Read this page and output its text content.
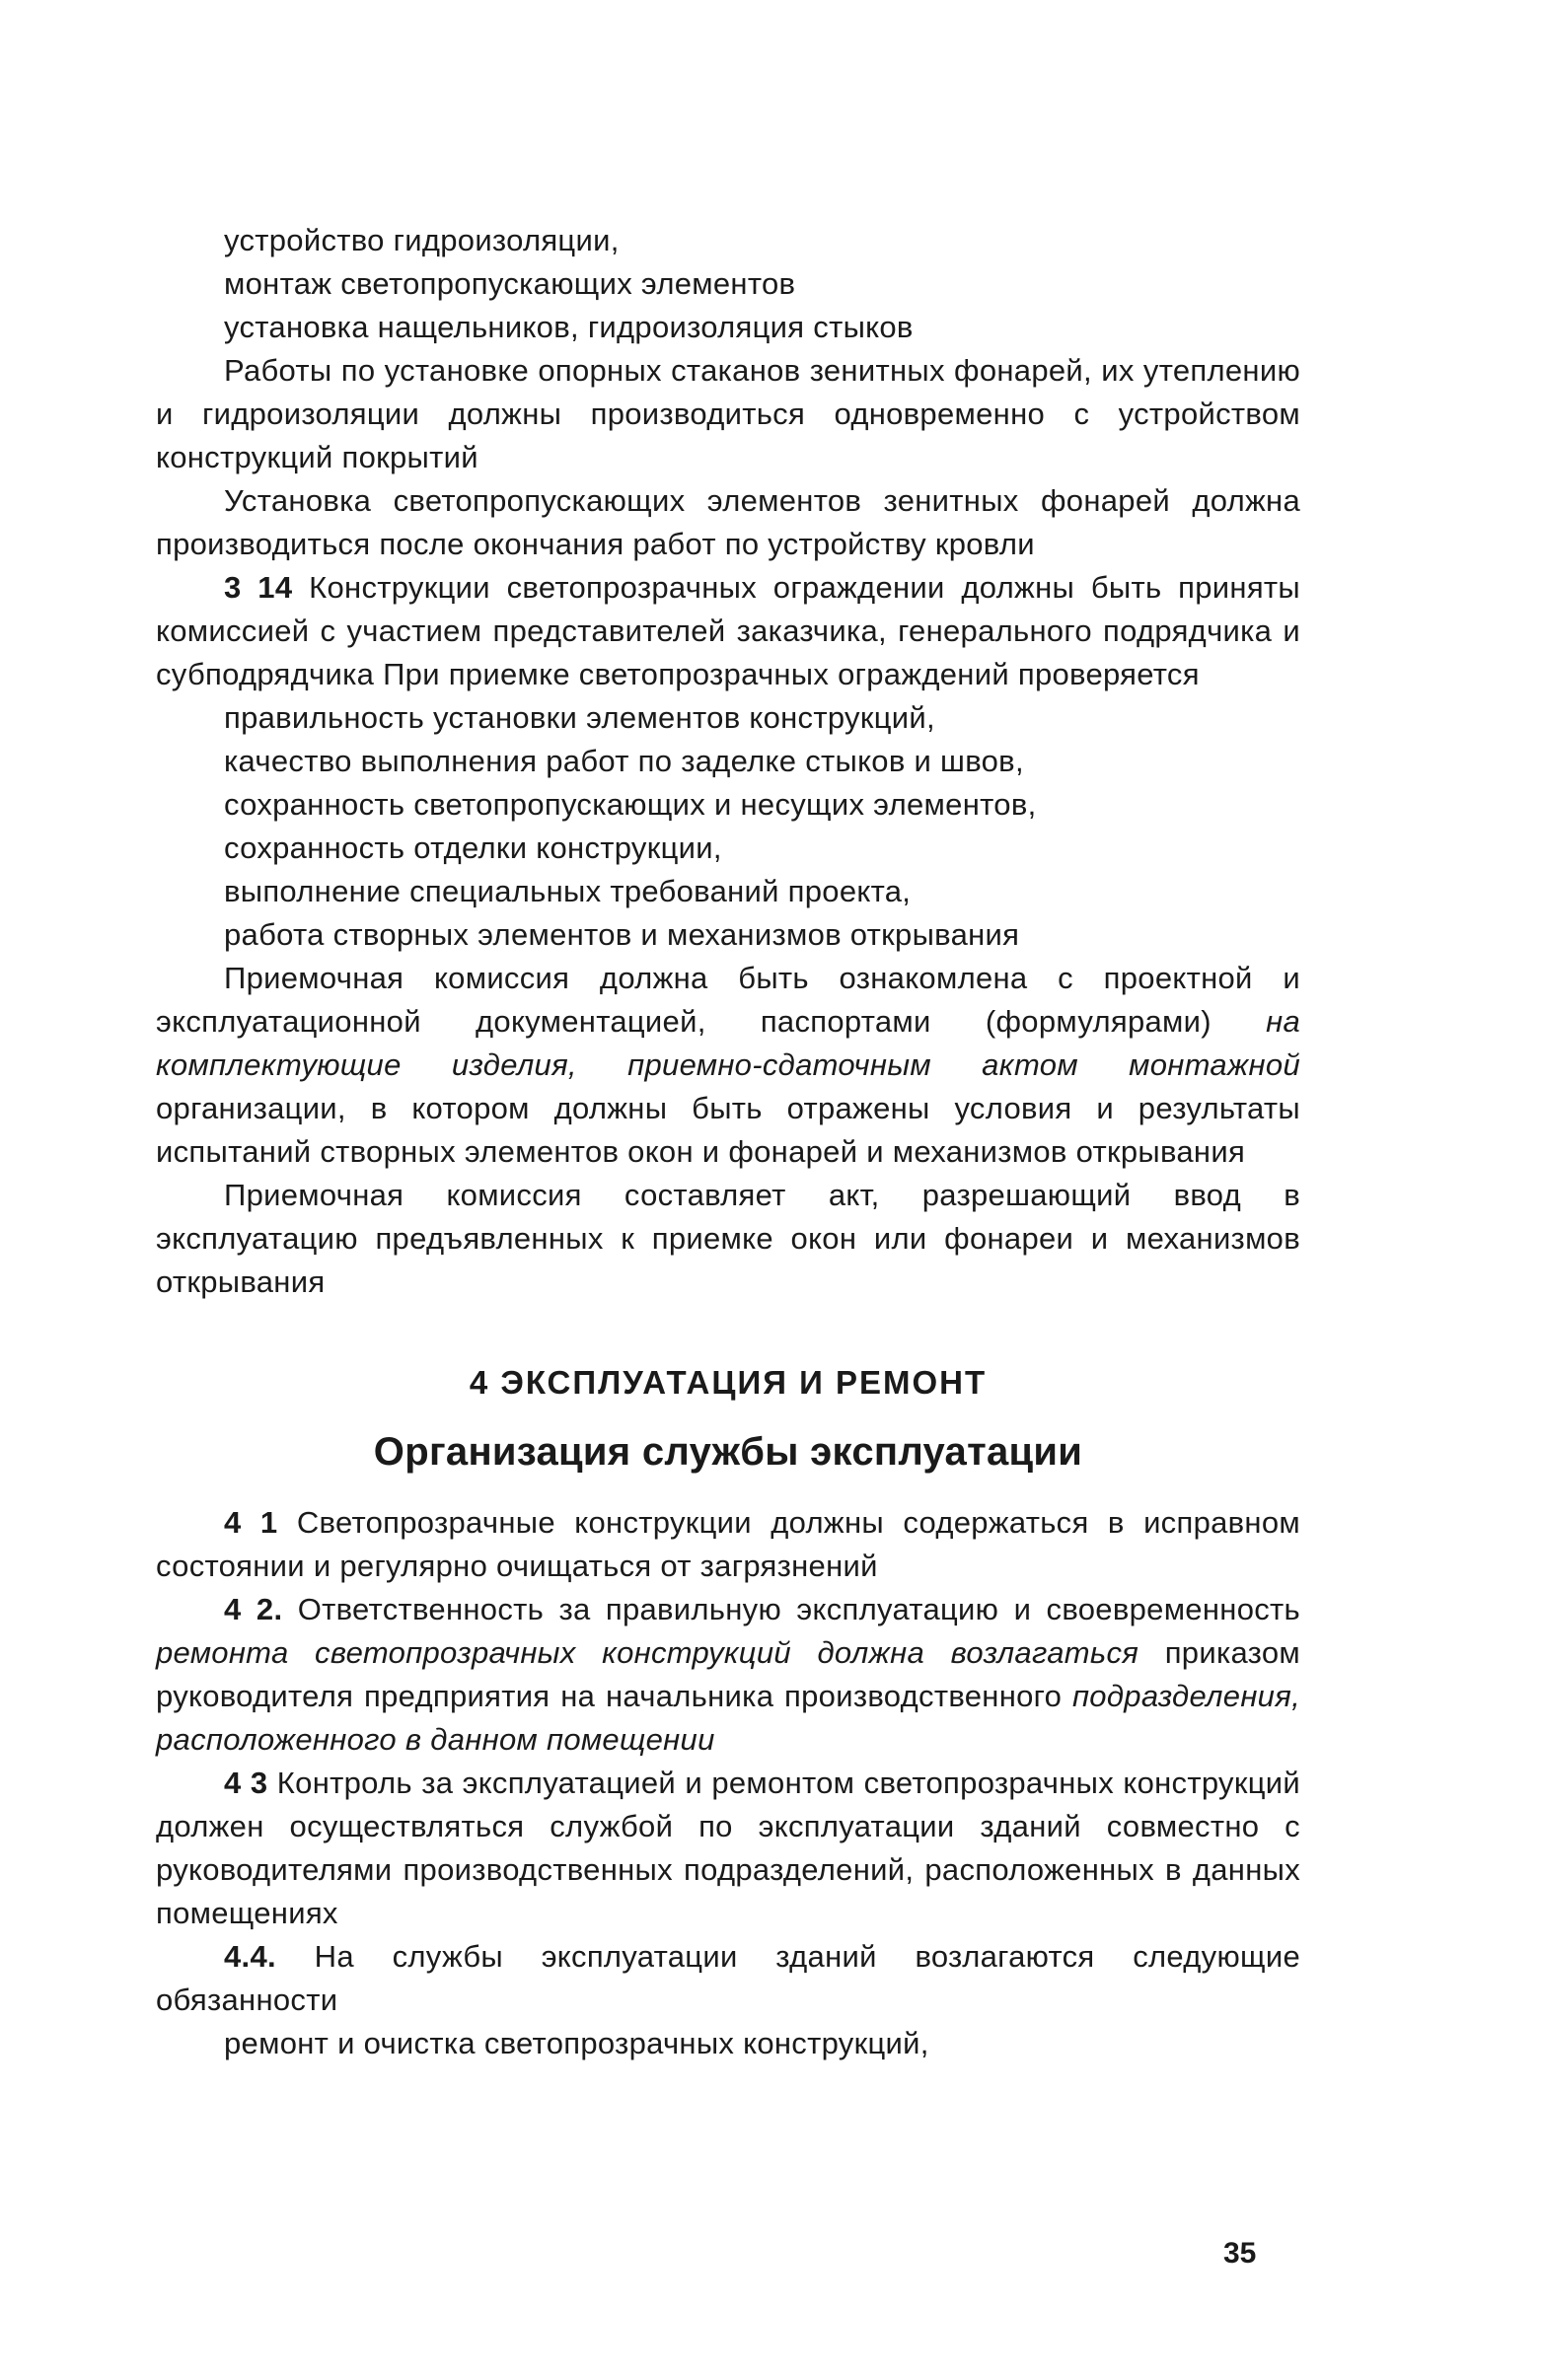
устройство гидроизоляции,
монтаж светопропускающих элементов
установка нащельников, гидроизоляция стыков

Работы по установке опорных стаканов зенитных фонарей, их утеплению и гидроизоляции должны производиться одновременно с устройством конструкций покрытий

Установка светопропускающих элементов зенитных фонарей должна производиться после окончания работ по устройству кровли

3 14 Конструкции светопрозрачных ограждении должны быть приняты комиссией с участием представителей заказчика, генерального подрядчика и субподрядчика При приемке светопрозрачных ограждений проверяется

правильность установки элементов конструкций,
качество выполнения работ по заделке стыков и швов,
сохранность светопропускающих и несущих элементов,
сохранность отделки конструкции,
выполнение специальных требований проекта,
работа створных элементов и механизмов открывания

Приемочная комиссия должна быть ознакомлена с проектной и эксплуатационной документацией, паспортами (формулярами) на комплектующие изделия, приемно-сдаточным актом монтажной организации, в котором должны быть отражены условия и результаты испытаний створных элементов окон и фонарей и механизмов открывания

Приемочная комиссия составляет акт, разрешающий ввод в эксплуатацию предъявленных к приемке окон или фонареи и механизмов открывания

4 ЭКСПЛУАТАЦИЯ И РЕМОНТ
Организация службы эксплуатации

4 1 Светопрозрачные конструкции должны содержаться в исправном состоянии и регулярно очищаться от загрязнений

4 2. Ответственность за правильную эксплуатацию и своевременность ремонта светопрозрачных конструкций должна возлагаться приказом руководителя предприятия на начальника производственного подразделения, расположенного в данном помещении

4 3 Контроль за эксплуатацией и ремонтом светопрозрачных конструкций должен осуществляться службой по эксплуатации зданий совместно с руководителями производственных подразделений, расположенных в данных помещениях

4.4. На службы эксплуатации зданий возлагаются следующие обязанности

ремонт и очистка светопрозрачных конструкций,
35
